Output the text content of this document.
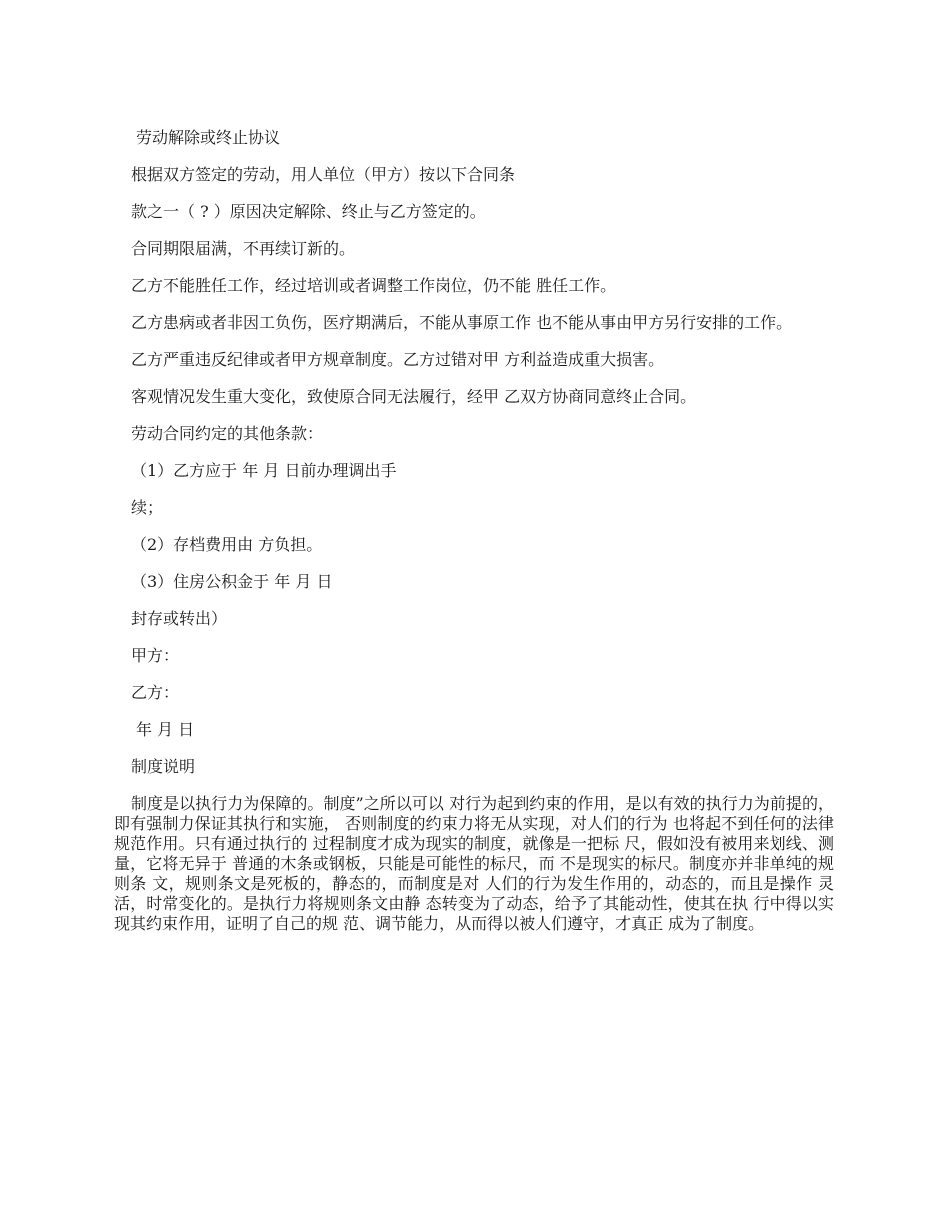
劳动解除或终止协议

根据双方签定的劳动，用人单位（甲方）按以下合同条

款之一（ ? ）原因决定解除、终止与乙方签定的。

合同期限届满，不再续订新的。

乙方不能胜任工作，经过培训或者调整工作岗位，仍不能 胜任工作。

乙方患病或者非因工负伤，医疗期满后，不能从事原工作 也不能从事由甲方另行安排的工作。

乙方严重违反纪律或者甲方规章制度。乙方过错对甲 方利益造成重大损害。

客观情况发生重大变化，致使原合同无法履行，经甲 乙双方协商同意终止合同。

劳动合同约定的其他条款：

（1）乙方应于 年 月 日前办理调出手

续；

（2）存档费用由 方负担。

（3）住房公积金于 年 月 日

封存或转出）

甲方：

乙方：

年 月 日

制度说明

制度是以执行力为保障的。制度”之所以可以 对行为起到约束的作用，是以有效的执行力为前提的，即有强制力保证其执行和实施， 否则制度的约束力将无从实现，对人们的行为 也将起不到任何的法律规范作用。只有通过执行的 过程制度才成为现实的制度，就像是一把标 尺，假如没有被用来划线、测量，它将无异于 普通的木条或钢板，只能是可能性的标尺，而 不是现实的标尺。制度亦并非单纯的规则条 文，规则条文是死板的，静态的，而制度是对 人们的行为发生作用的，动态的，而且是操作 灵活，时常变化的。是执行力将规则条文由静 态转变为了动态，给予了其能动性，使其在执 行中得以实现其约束作用，证明了自己的规 范、调节能力，从而得以被人们遵守，才真正 成为了制度。
